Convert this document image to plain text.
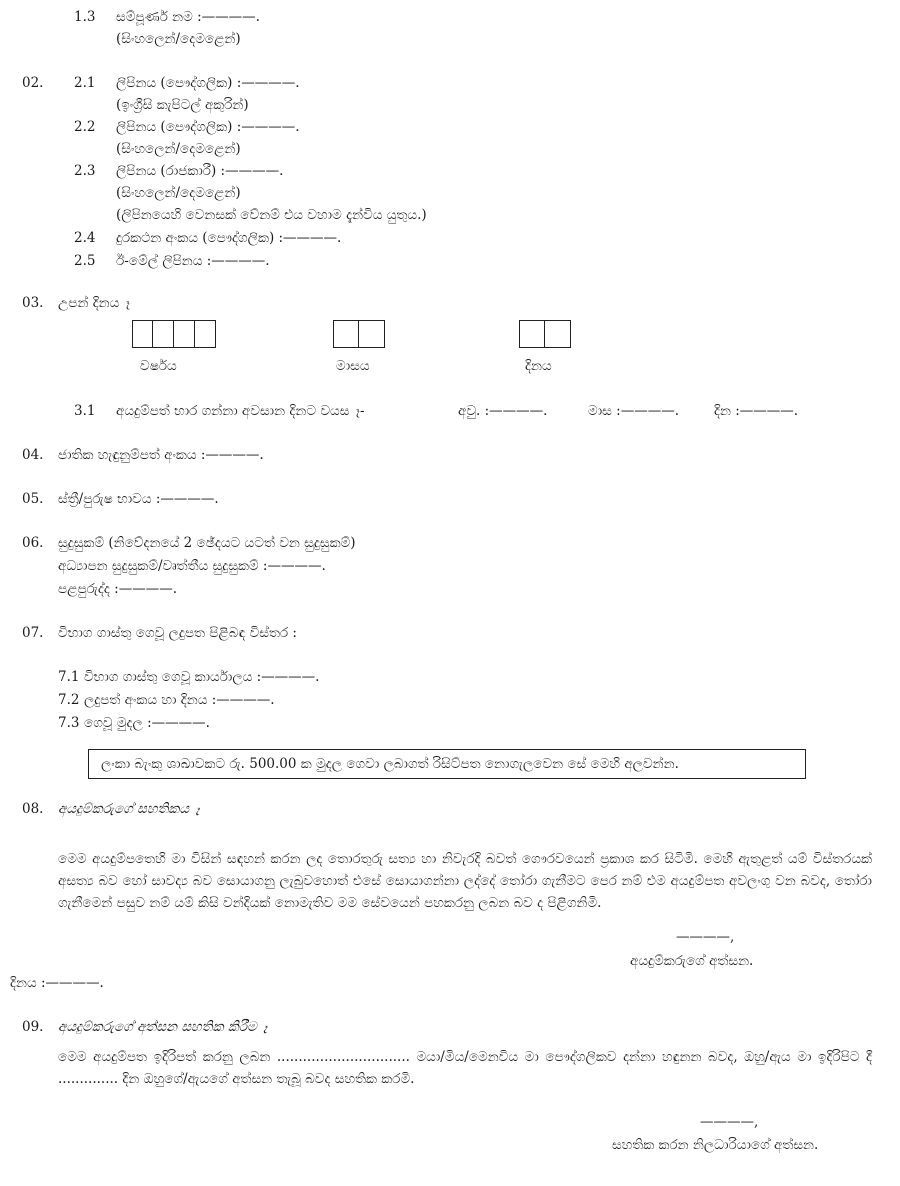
1.3 සම්පූර්ණ නම :————.
(සිංහලෙන්/දෙමළෙන්)
02. 2.1 ලිපිනය (පෞද්ගලික) :————.
(ඉංග්‍රීසි කැපිටල් අකුරින්)
2.2 ලිපිනය (පෞද්ගලික) :————.
(සිංහලෙන්/දෙමළෙන්)
2.3 ලිපිනය (රාජකාරී) :————.
(සිංහලෙන්/දෙමළෙන්)
(ලිපිනයෙහි වෙනසක් වේනම් එය වහාම දැන්විය යුතුය.)
2.4 දුරකථන අංකය (පෞද්ගලික) :————.
2.5 ඊ-මේල් ලිපිනය :————.
03. උපන් දිනය ෑ
වර්ෂය	මාසය	දිනය
3.1 අයදුම්පත් භාර ගන්නා අවසාන දිනට වයස ෑ-	අවු. :————.	මාස :————.	දින :————.
04. ජාතික හැඳුනුම්පත් අංකය :————.
05. ස්ත්‍රී/පුරුෂ භාවය :————.
06. සුදුසුකම් (නිවේදනයේ 2 ඡේදයට යටත් වන සුදුසුකම්)
අධ්‍යාපන සුදුසුකම්/වෘත්තීය සුදුසුකම් :————.
පළපුරුද්ද :————.
07. විභාග ගාස්තු ගෙවූ ලදුපත පිළිබඳ විස්තර :
7.1 විභාග ගාස්තු ගෙවූ කාර්යාලය :————.
7.2 ලදුපත් අංකය හා දිනය :————.
7.3 ගෙවූ මුදල :————.
ලංකා බැංකු ශාඛාවකට රු. 500.00 ක මුදල ගෙවා ලබාගත් රිසිට්පත නොගැලවෙන සේ මෙහි අලවන්න.
08. අයදුම්කරුගේ සහතිකය ෑ
මෙම අයදුම්පතෙහි මා විසින් සඳහන් කරන ලද තොරතුරු සත්‍ය හා නිවැරදි බවත් ගෞරවයෙන් ප්‍රකාශ කර සිටිමි. මෙහි ඇතුළත් යම් විස්තරයක් අසත්‍ය බව හෝ සාවද්‍ය බව සොයාගනු ලැබුවහොත් එසේ සොයාගන්නා ලද්දේ තෝරා ගැනීමට පෙර නම් එම අයදුම්පත අවලංගු වන බවද, තෝරා ගැනීමෙන් පසුව නම් යම් කිසි වන්දියක් නොමැතිව මම සේවයෙන් පහකරනු ලබන බව ද පිළිගනිමි.
————,
අයදුම්කරුගේ අත්සන.
දිනය :————.
09. අයදුම්කරුගේ අත්සන සහතික කිරීම ෑ
මෙම අයදුම්පත ඉදිරිපත් කරනු ලබන ............................... මයා/මිය/මෙනවිය මා පෞද්ගලිකව දන්නා හඳුනන බවද, ඔහු/ඇය මා ඉදිරිපිට දී .............. දින ඔහුගේ/ඇයගේ අත්සන තැබූ බවද සහතික කරමි.
————,
සහතික කරන නිලධාරියාගේ අත්සන.
